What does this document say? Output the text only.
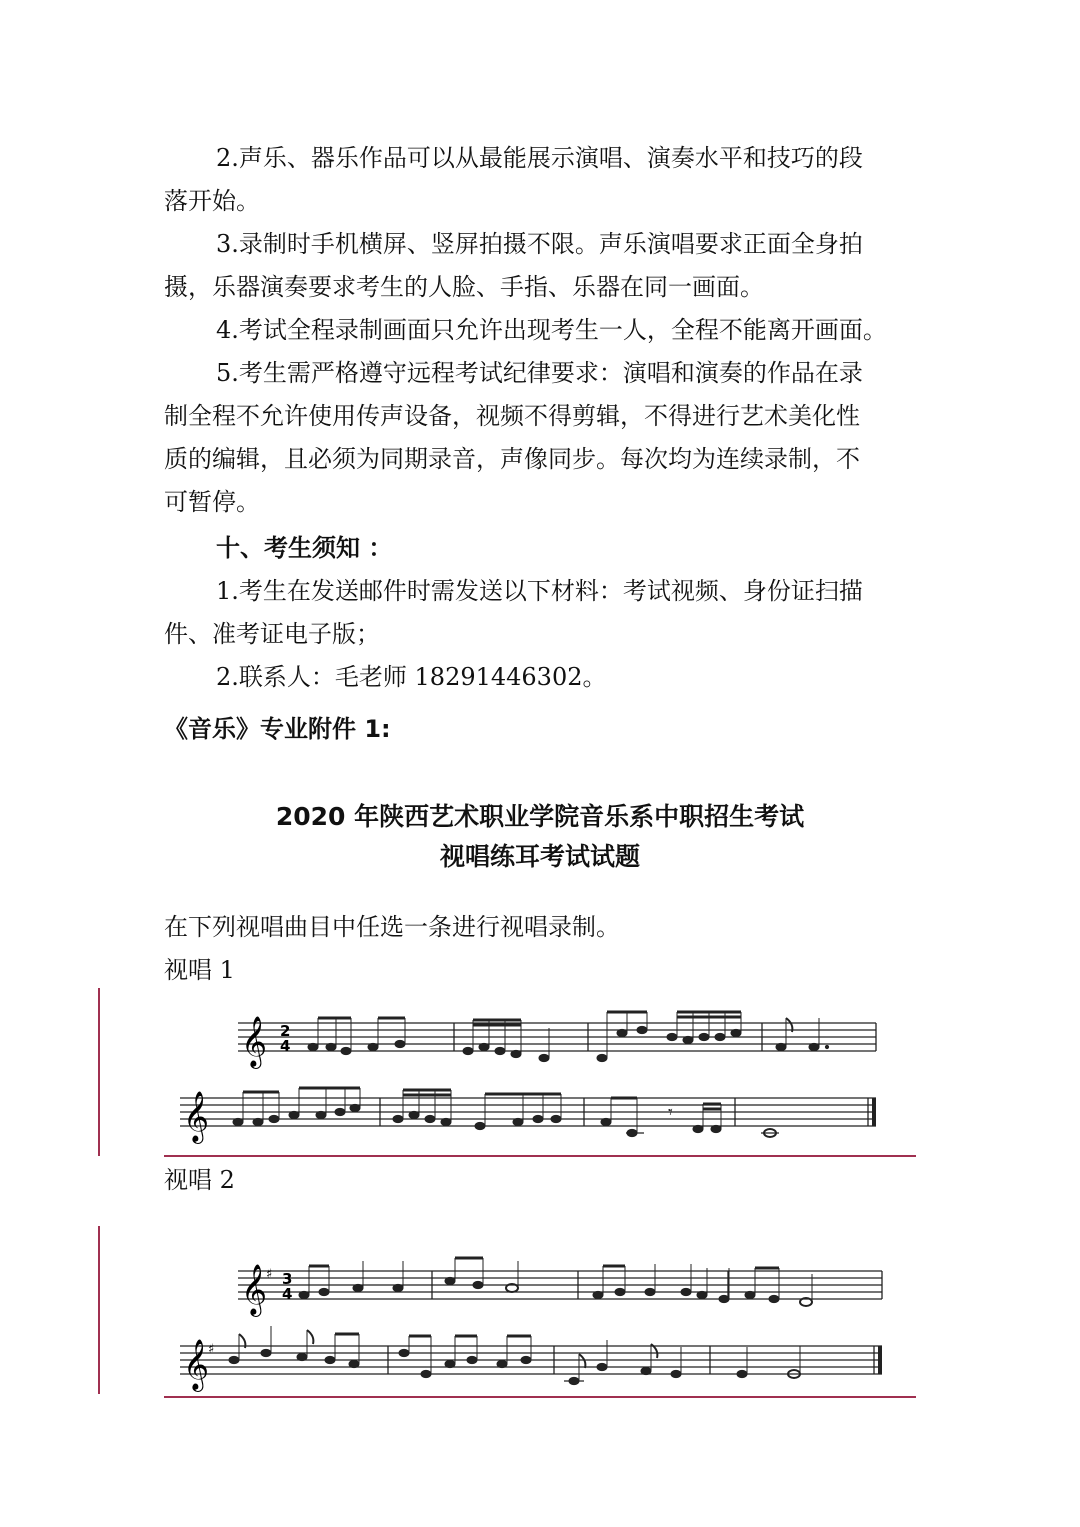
2.声乐、器乐作品可以从最能展示演唱、演奏水平和技巧的段
落开始。
3.录制时手机横屏、竖屏拍摄不限。声乐演唱要求正面全身拍
摄，乐器演奏要求考生的人脸、手指、乐器在同一画面。
4.考试全程录制画面只允许出现考生一人，全程不能离开画面。
5.考生需严格遵守远程考试纪律要求：演唱和演奏的作品在录
制全程不允许使用传声设备，视频不得剪辑，不得进行艺术美化性
质的编辑，且必须为同期录音，声像同步。每次均为连续录制，不
可暂停。
十、考生须知 ：
1.考生在发送邮件时需发送以下材料：考试视频、身份证扫描
件、准考证电子版；
2.联系人：毛老师 18291446302。
《音乐》专业附件 1:
2020 年陕西艺术职业学院音乐系中职招生考试
视唱练耳考试试题
在下列视唱曲目中任选一条进行视唱录制。
视唱 1
𝄞 2
4
𝄞	𝄾
视唱 2
𝄞
♯ 3
4
𝄞
♯
